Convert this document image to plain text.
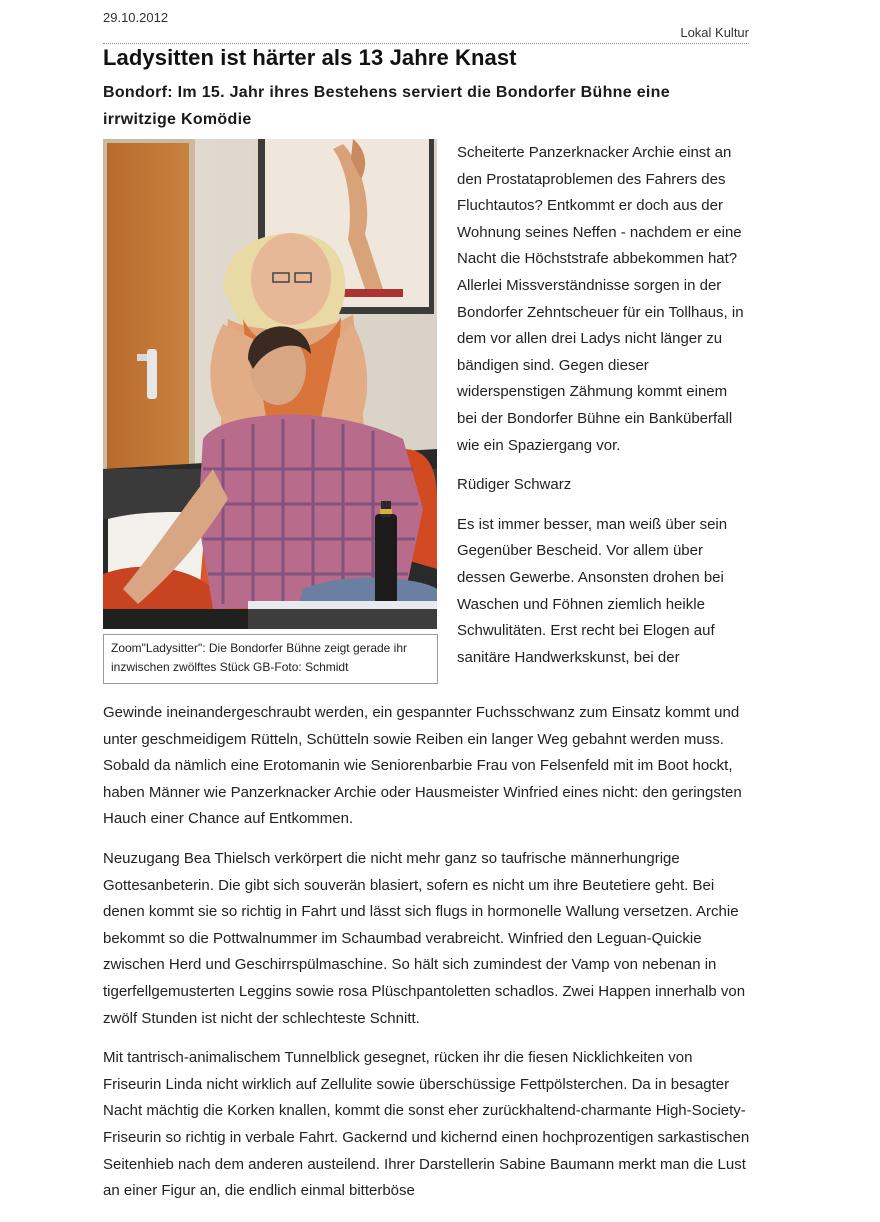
29.10.2012
Lokal Kultur
Ladysitten ist härter als 13 Jahre Knast
Bondorf: Im 15. Jahr ihres Bestehens serviert die Bondorfer Bühne eine irrwitzige Komödie
Zoom"Ladysitter": Die Bondorfer Bühne zeigt gerade ihr inzwischen zwölftes Stück GB-Foto: Schmidt

Scheiterte Panzerknacker Archie einst an den Prostataproblemen des Fahrers des Fluchtautos? Entkommt er doch aus der Wohnung seines Neffen - nachdem er eine Nacht die Höchststrafe abbekommen hat? Allerlei Missverständnisse sorgen in der Bondorfer Zehntscheuer für ein Tollhaus, in dem vor allen drei Ladys nicht länger zu bändigen sind. Gegen dieser widerspenstigen Zähmung kommt einem bei der Bondorfer Bühne ein Banküberfall wie ein Spaziergang vor.

Rüdiger Schwarz

Es ist immer besser, man weiß über sein Gegenüber Bescheid. Vor allem über dessen Gewerbe. Ansonsten drohen bei Waschen und Föhnen ziemlich heikle Schwulitäten. Erst recht bei Elogen auf sanitäre Handwerkskunst, bei der

Gewinde ineinandergeschraubt werden, ein gespannter Fuchsschwanz zum Einsatz kommt und unter geschmeidigem Rütteln, Schütteln sowie Reiben ein langer Weg gebahnt werden muss. Sobald da nämlich eine Erotomanin wie Seniorenbarbie Frau von Felsenfeld mit im Boot hockt, haben Männer wie Panzerknacker Archie oder Hausmeister Winfried eines nicht: den geringsten Hauch einer Chance auf Entkommen.

Neuzugang Bea Thielsch verkörpert die nicht mehr ganz so taufrische männerhungrige Gottesanbeterin. Die gibt sich souverän blasiert, sofern es nicht um ihre Beutetiere geht. Bei denen kommt sie so richtig in Fahrt und lässt sich flugs in hormonelle Wallung versetzen. Archie bekommt so die Pottwalnummer im Schaumbad verabreicht. Winfried den Leguan-Quickie zwischen Herd und Geschirrspülmaschine. So hält sich zumindest der Vamp von nebenan in tigerfellgemusterten Leggins sowie rosa Plüschpantoletten schadlos. Zwei Happen innerhalb von zwölf Stunden ist nicht der schlechteste Schnitt.

Mit tantrisch-animalischem Tunnelblick gesegnet, rücken ihr die fiesen Nicklichkeiten von Friseurin Linda nicht wirklich auf Zellulite sowie überschüssige Fettpölsterchen. Da in besagter Nacht mächtig die Korken knallen, kommt die sonst eher zurückhaltend-charmante High-Society-Friseurin so richtig in verbale Fahrt. Gackernd und kichernd einen hochprozentigen sarkastischen Seitenhieb nach dem anderen austeilend. Ihrer Darstellerin Sabine Baumann merkt man die Lust an einer Figur an, die endlich einmal bitterböse
